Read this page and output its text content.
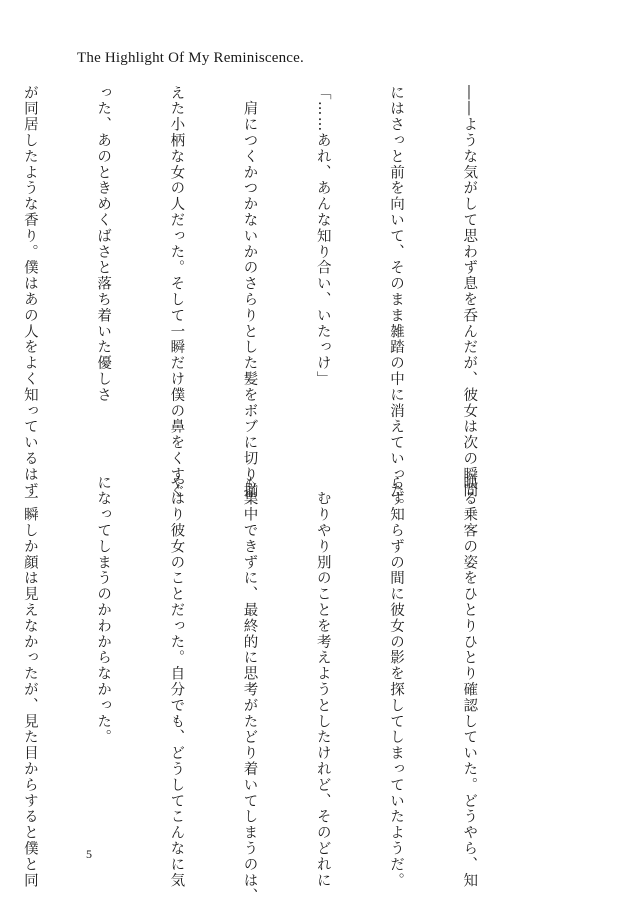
The Highlight Of My Reminiscence.

――ような気がして思わず息を呑んだが、彼女は次の瞬間

にはさっと前を向いて、そのまま雑踏の中に消えていった。

「……あれ、あんな知り合い、いたっけ」

　肩につくかつかないかのさらりとした髪をボブに切り揃

えた小柄な女の人だった。そして一瞬だけ僕の鼻をくすぐ

った、あのときめくばさと落ち着いた優しさ

が同居したような香り。僕はあの人をよく知っているはず

映る乗客の姿をひとりひとり確認していた。どうやら、知

らず知らずの間に彼女の影を探してしまっていたようだ。

　むりやり別のことを考えようとしたけれど、そのどれに

も集中できずに、最終的に思考がたどり着いてしまうのは、

やはり彼女のことだった。自分でも、どうしてこんなに気

になってしまうのかわからなかった。

　一瞬しか顔は見えなかったが、見た目からすると僕と同

	5
